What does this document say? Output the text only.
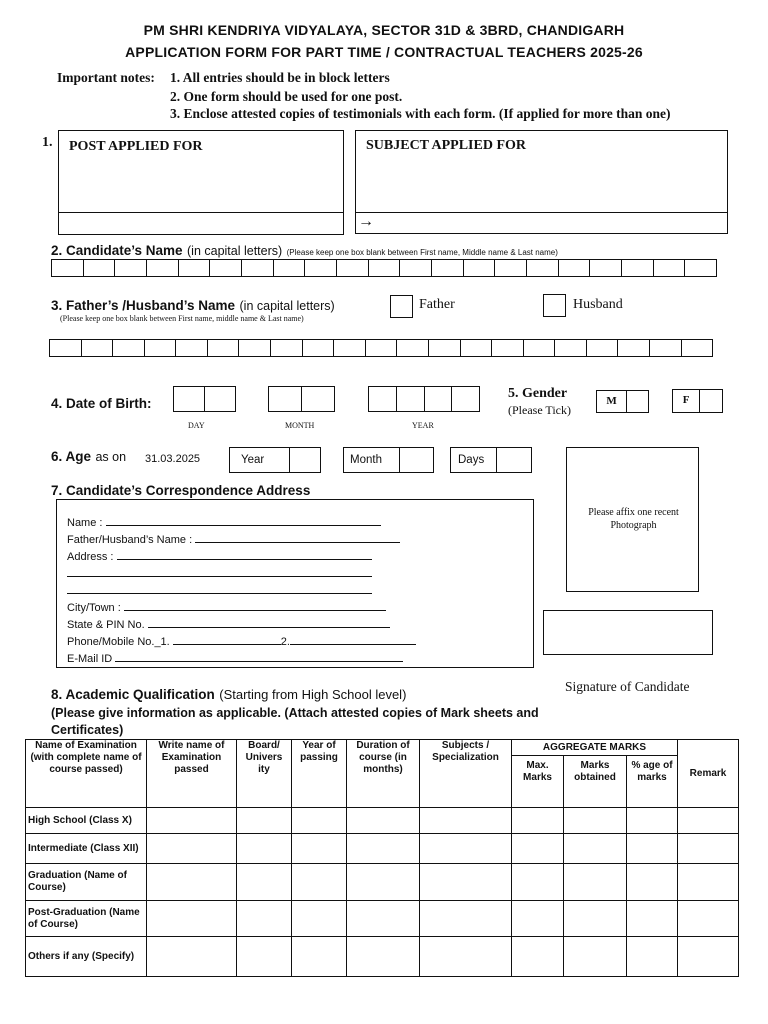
PM SHRI KENDRIYA VIDYALAYA, SECTOR 31D & 3BRD, CHANDIGARH
APPLICATION FORM FOR PART TIME / CONTRACTUAL TEACHERS 2025-26
Important notes: 1. All entries should be in block letters
2. One form should be used for one post.
3. Enclose attested copies of testimonials with each form. (If applied for more than one)
1. POST APPLIED FOR	SUBJECT APPLIED FOR
→
2. Candidate’s Name (in capital letters) (Please keep one box blank between First name, Middle name & Last name)
3. Father’s /Husband’s Name (in capital letters)
(Please keep one box blank between First name, middle name & Last name)
Father	Husband
4. Date of Birth:
DAY	MONTH	YEAR
5. Gender
(Please Tick)
M	F
6. Age as on 31.03.2025	Year	Month	Days
7. Candidate’s Correspondence Address
Name :
Father/Husband’s Name :
Address :
City/Town :
State & PIN No.
Phone/Mobile No._1.	2.
E-Mail ID
Please affix one recent Photograph
Signature of Candidate
8. Academic Qualification (Starting from High School level)
(Please give information as applicable. (Attach attested copies of Mark sheets and Certificates)
Name of Examination (with complete name of course passed)	Write name of Examination passed	Board/ Univers ity	Year of passing	Duration of course (in months)	Subjects / Specialization	AGGREGATE MARKS			Remark
						Max. Marks	Marks obtained	% age of marks	
High School (Class X)									
Intermediate (Class XII)									
Graduation (Name of Course)									
Post-Graduation (Name of Course)									
Others if any (Specify)									
